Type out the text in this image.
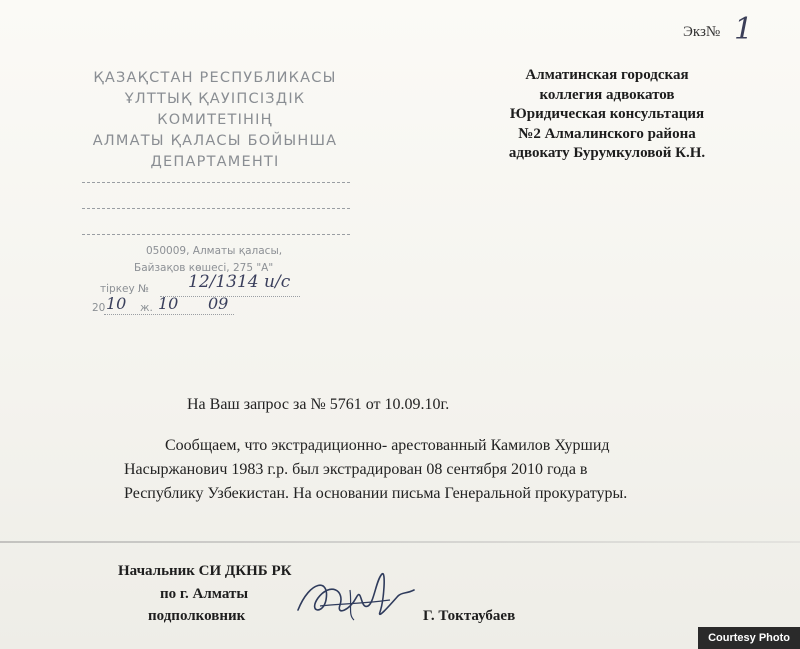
Экз№ 1
ҚАЗАҚСТАН РЕСПУБЛИКАСЫ
ҰЛТТЫҚ ҚАУІПСІЗДІК
КОМИТЕТІНІҢ
АЛМАТЫ ҚАЛАСЫ БОЙЫНША
ДЕПАРТАМЕНТІ
050009, Алматы қаласы,
Байзақов көшесі, 275 "А"
тіркеу № 12/1314 и/с
20 10 ж. 10 09
Алматинская городская
коллегия адвокатов
Юридическая консультация
№2 Алмалинского района
адвокату Бурумкуловой К.Н.
На Ваш запрос за № 5761 от 10.09.10г.
Сообщаем, что экстрадиционно- арестованный Камилов Хуршид
Насыржанович 1983 г.р. был экстрадирован 08 сентября 2010 года в
Республику Узбекистан. На основании письма Генеральной прокуратуры.
Начальник СИ ДКНБ РК
по г. Алматы
подполковник	Г. Токтаубаев
Courtesy Photo
